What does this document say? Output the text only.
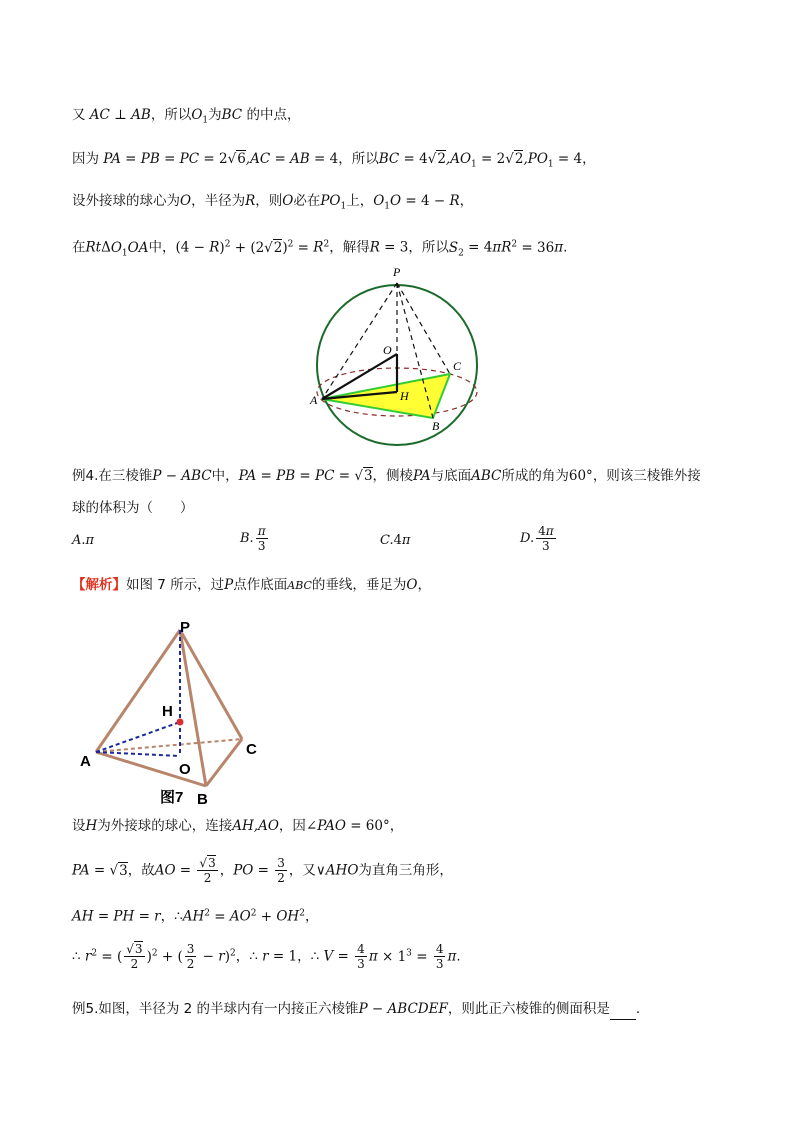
又 AC ⊥ AB，所以$O_1$为BC 的中点，
因为 PA = PB = PC = 2√6,AC = AB = 4，所以BC = $4√2,AO_1 = 2√2,PO_1 = 4$，
设外接球的球心为O，半径为R，则O必在$PO_1$上，$O_1O = 4 - R$，
在RtΔO$_1$OA中，$(4 - R)^2 + (2√2)^2 = R^2$，解得R = 3，所以$S_2 = 4\pi R^2 = 36\pi$.
P
O
C
A	H
B
例4.在三棱锥P − ABC中，PA = PB = PC = √3，侧棱PA与底面ABC所成的角为60°，则该三棱锥外接
球的体积为（　　）
A.π	B. $\frac{\pi}{3}$	C.4π	D. $\frac{4\pi}{3}$
【解析】如图 7 所示，过P点作底面ABC的垂线，垂足为O，
P
H
A	O
C
B
图7
设H为外接球的球心，连接AH,AO，因∠PAO = 60°，
PA = √3，故AO = $\frac{√3}{2}$ ，PO = $\frac{3}{2}$ ，又∨AHO为直角三角形，
AH = PH = r，$\therefore AH^2 = AO^2 + OH^2$，
∴ $r^2$ = ( $\frac{√3}{2} )^2$ + ( $\frac{3}{2} - r)^2$，∴ r = 1，∴ $V = \frac{4}{3}$ $\pi \times 1^3 = \frac{4}{3} \pi$.
例5.如图，半径为 2 的半球内有一内接正六棱锥P − ABCDEF，则此正六棱锥的侧面积是 .
